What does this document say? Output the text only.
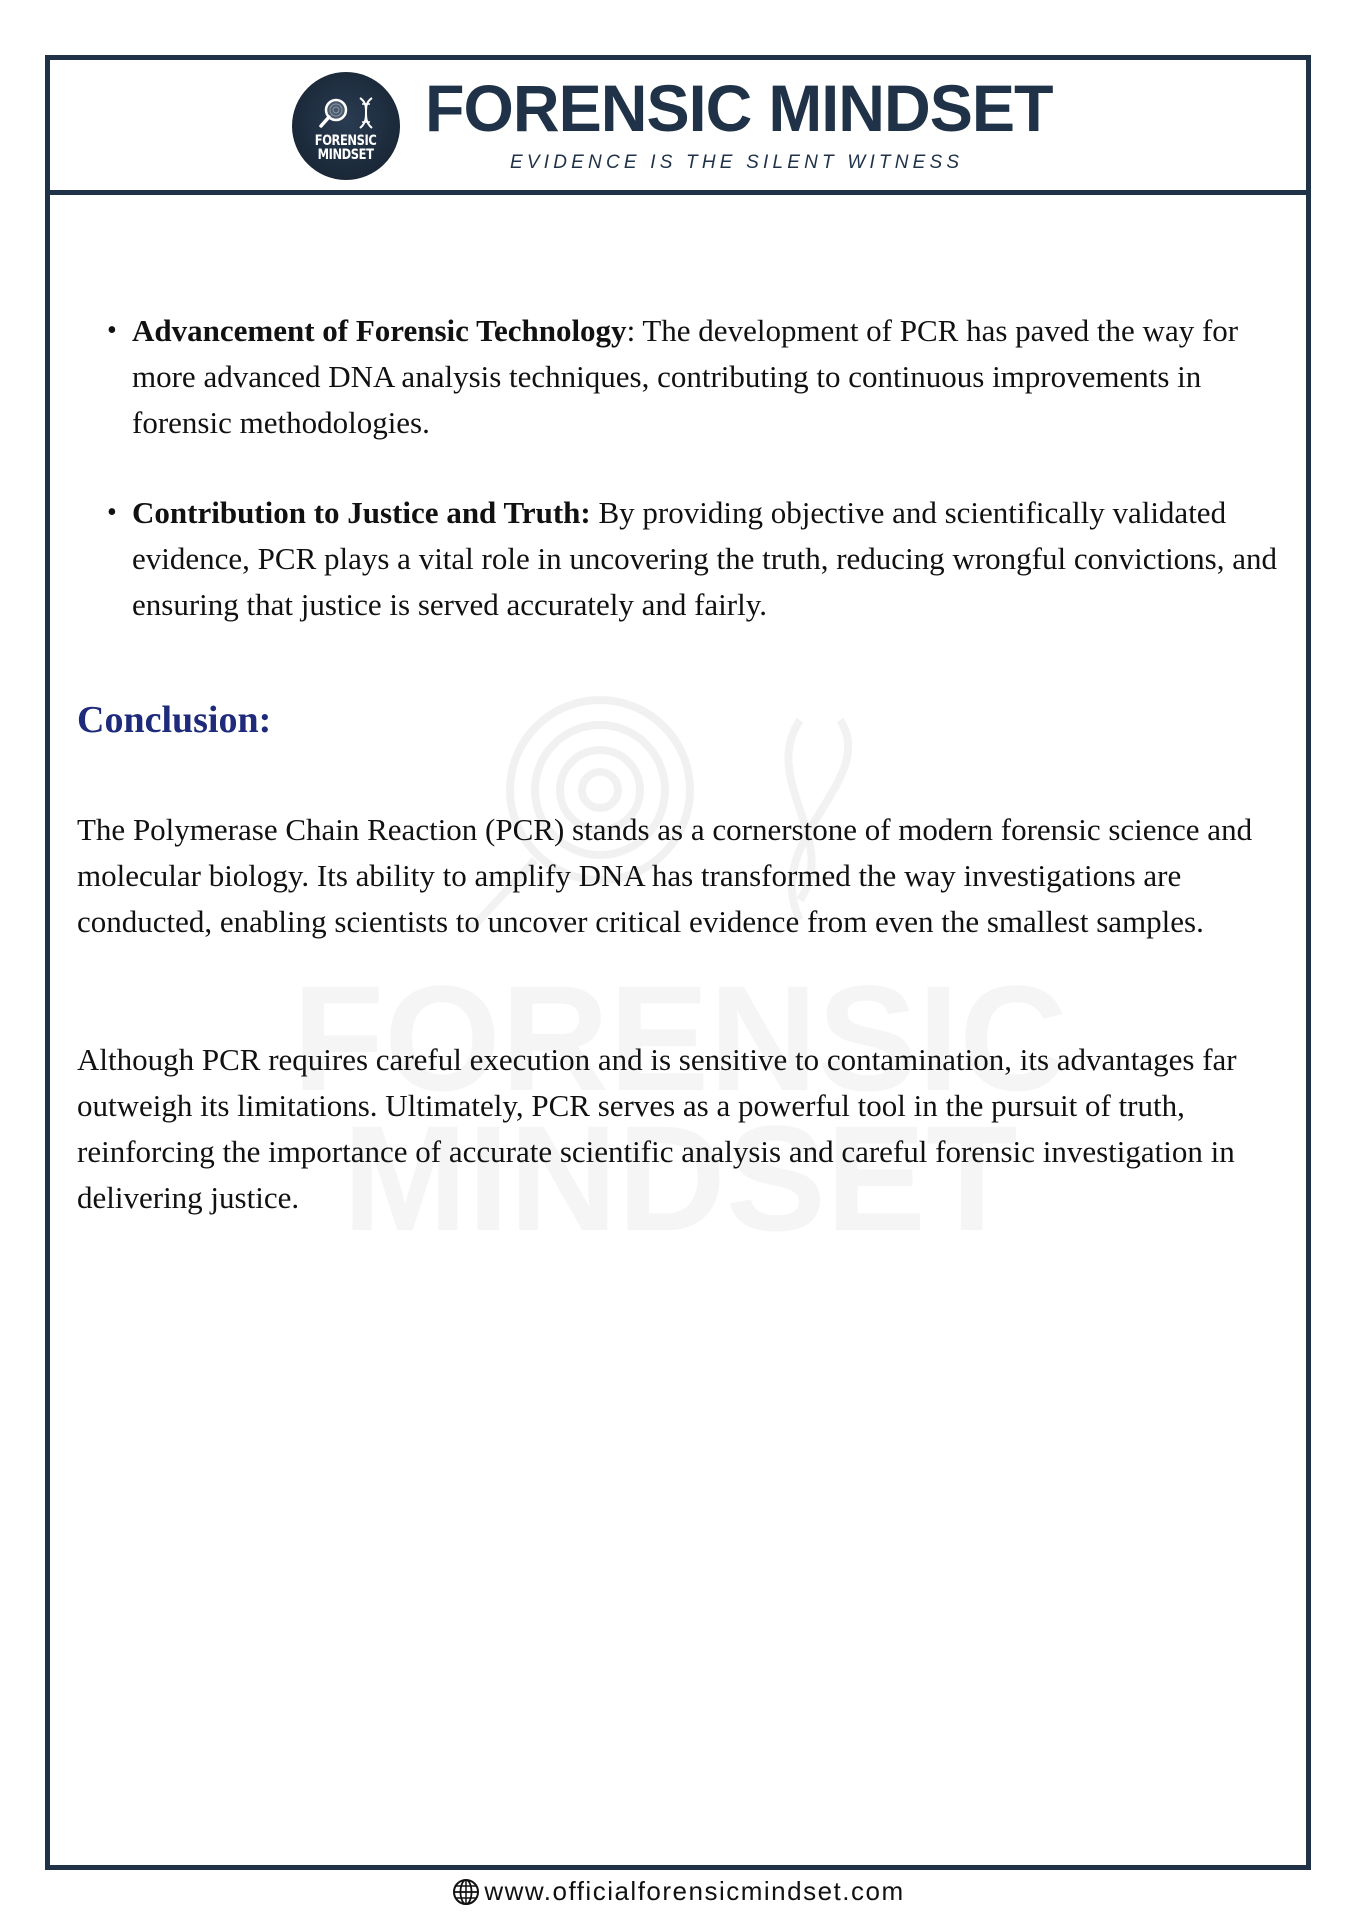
FORENSIC
MINDSET
FORENSIC MINDSET
EVIDENCE IS THE SILENT WITNESS
• Advancement of Forensic Technology: The development of PCR has paved the way for more advanced DNA analysis techniques, contributing to continuous improvements in forensic methodologies.
• Contribution to Justice and Truth: By providing objective and scientifically validated evidence, PCR plays a vital role in uncovering the truth, reducing wrongful convictions, and ensuring that justice is served accurately and fairly.
Conclusion:

The Polymerase Chain Reaction (PCR) stands as a cornerstone of modern forensic science and molecular biology. Its ability to amplify DNA has transformed the way investigations are conducted, enabling scientists to uncover critical evidence from even the smallest samples.

Although PCR requires careful execution and is sensitive to contamination, its advantages far outweigh its limitations. Ultimately, PCR serves as a powerful tool in the pursuit of truth, reinforcing the importance of accurate scientific analysis and careful forensic investigation in delivering justice.

www.officialforensicmindset.com
